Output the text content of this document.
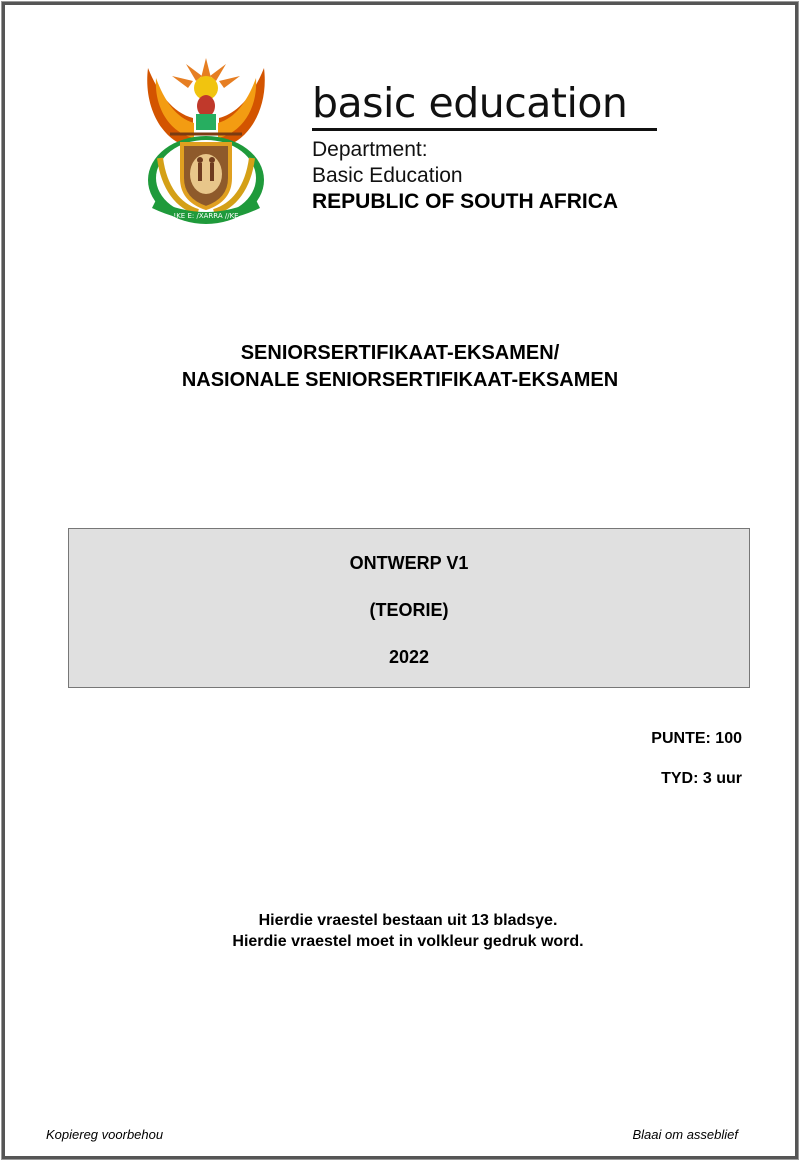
!KE E: /XARRA //KE
basic education
Department:
Basic Education
REPUBLIC OF SOUTH AFRICA
SENIORSERTIFIKAAT-EKSAMEN/
NASIONALE SENIORSERTIFIKAAT-EKSAMEN
ONTWERP V1
(TEORIE)
2022
PUNTE: 100
TYD: 3 uur
Hierdie vraestel bestaan uit 13 bladsye.
Hierdie vraestel moet in volkleur gedruk word.
Kopiereg voorbehou	Blaai om asseblief
